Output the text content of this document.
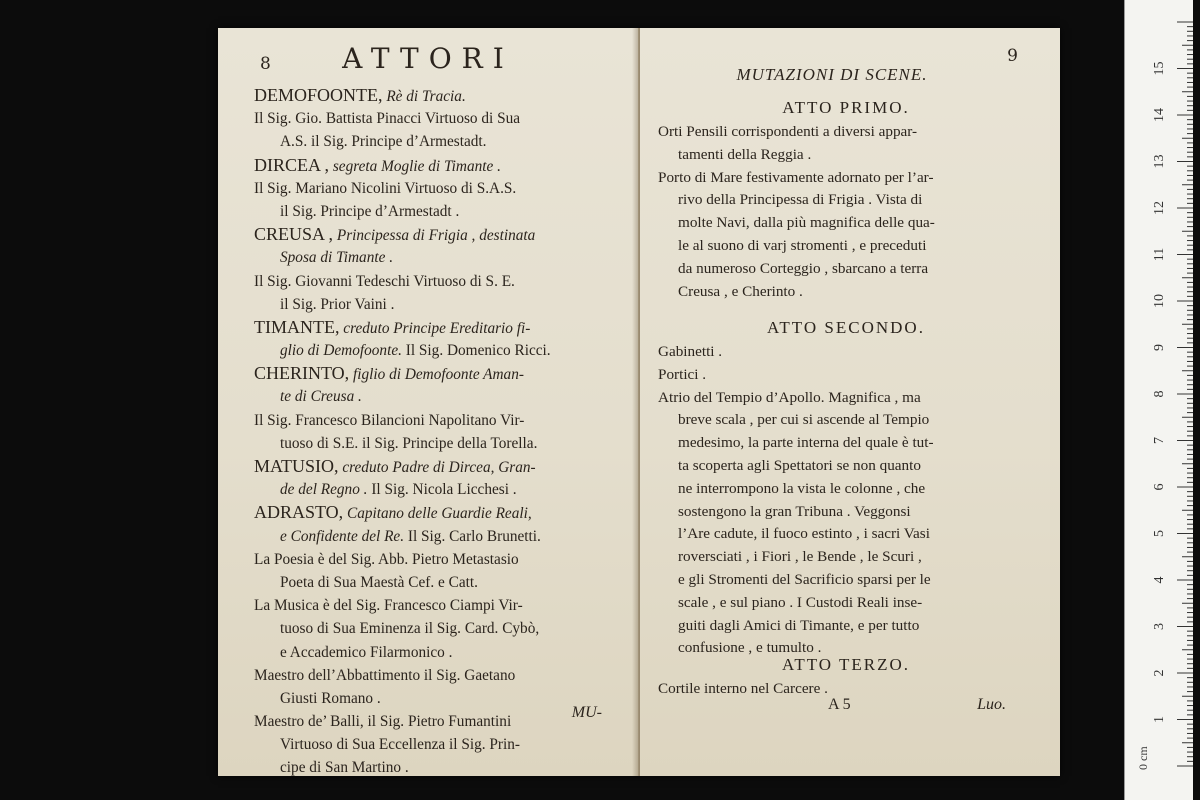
8	ATTORI
DEMOFOONTE, Rè di Tracia.
Il Sig. Gio. Battista Pinacci Virtuoso di Sua
A.S. il Sig. Principe d’Armestadt.
DIRCEA , segreta Moglie di Timante .
Il Sig. Mariano Nicolini Virtuoso di S.A.S.
il Sig. Principe d’Armestadt .
CREUSA , Principessa di Frigia , destinata
Sposa di Timante .
Il Sig. Giovanni Tedeschi Virtuoso di S. E.
il Sig. Prior Vaini .
TIMANTE, creduto Principe Ereditario fi-
glio di Demofoonte. Il Sig. Domenico Ricci.
CHERINTO, figlio di Demofoonte Aman-
te di Creusa .
Il Sig. Francesco Bilancioni Napolitano Vir-
tuoso di S.E. il Sig. Principe della Torella.
MATUSIO, creduto Padre di Dircea, Gran-
de del Regno . Il Sig. Nicola Licchesi .
ADRASTO, Capitano delle Guardie Reali,
e Confidente del Re. Il Sig. Carlo Brunetti.
La Poesia è del Sig. Abb. Pietro Metastasio
Poeta di Sua Maestà Cef. e Catt.
La Musica è del Sig. Francesco Ciampi Vir-
tuoso di Sua Eminenza il Sig. Card. Cybò,
e Accademico Filarmonico .
Maestro dell’Abbattimento il Sig. Gaetano
Giusti Romano .
Maestro de’ Balli, il Sig. Pietro Fumantini
Virtuoso di Sua Eccellenza il Sig. Prin-
cipe di San Martino .
MU-
9
MUTAZIONI DI SCENE.
ATTO PRIMO.
Orti Pensili corrispondenti a diversi appar-
tamenti della Reggia .
Porto di Mare festivamente adornato per l’ar-
rivo della Principessa di Frigia . Vista di
molte Navi, dalla più magnifica delle qua-
le al suono di varj stromenti , e preceduti
da numeroso Corteggio , sbarcano a terra
Creusa , e Cherinto .
ATTO SECONDO.
Gabinetti .
Portici .
Atrio del Tempio d’Apollo. Magnifica , ma
breve scala , per cui si ascende al Tempio
medesimo, la parte interna del quale è tut-
ta scoperta agli Spettatori se non quanto
ne interrompono la vista le colonne , che
sostengono la gran Tribuna . Veggonsi
l’Are cadute, il fuoco estinto , i sacri Vasi
roversciati , i Fiori , le Bende , le Scuri ,
e gli Stromenti del Sacrificio sparsi per le
scale , e sul piano . I Custodi Reali inse-
guiti dagli Amici di Timante, e per tutto
confusione , e tumulto .
ATTO TERZO.
Cortile interno nel Carcere .
A 5	Luo.
1
2
3
4
5
6
7
8
9
10
11
12
13
14
15
0 cm
